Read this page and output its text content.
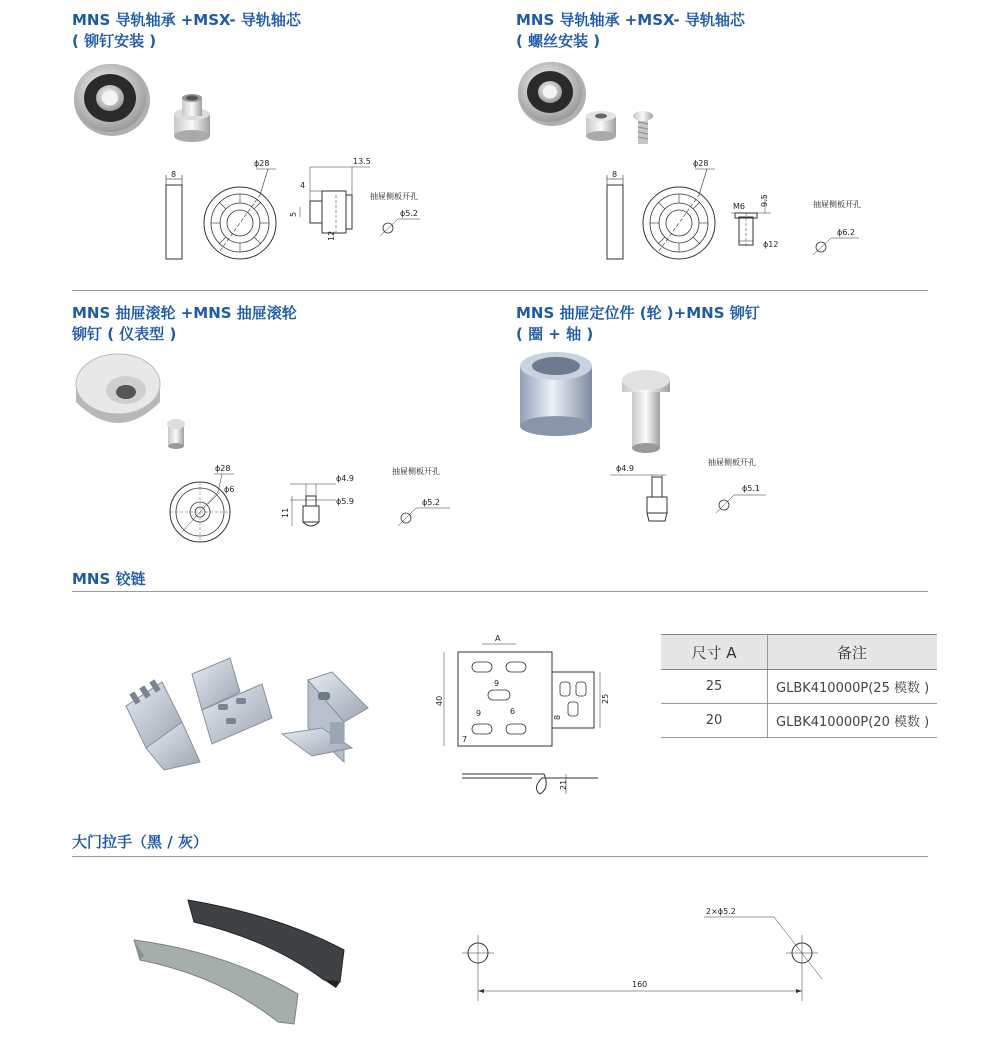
MNS 导轨轴承 +MSX- 导轨轴芯
( 铆钉安装 )
8
ϕ28	13.5
4
5
12
抽屉侧板开孔
ϕ5.2
MNS 导轨轴承 +MSX- 导轨轴芯
( 螺丝安装 )
8
ϕ28
M6 9.5
ϕ12
抽屉侧板开孔
ϕ6.2
MNS 抽屉滚轮 +MNS 抽屉滚轮
铆钉 ( 仪表型 )
ϕ28
ϕ6
ϕ4.9
ϕ5.9
11
抽屉侧板开孔
ϕ5.2
MNS 抽屉定位件 (轮 )+MNS 铆钉
( 圈 + 轴 )
ϕ4.9
抽屉侧板开孔
ϕ5.1
MNS 铰链
A
40
9
9	6
7
8
25
21
尺寸 A	备注
25	GLBK410000P(25 模数 )
20	GLBK410000P(20 模数 )
大门拉手（黑 / 灰）
2×ϕ5.2
160
